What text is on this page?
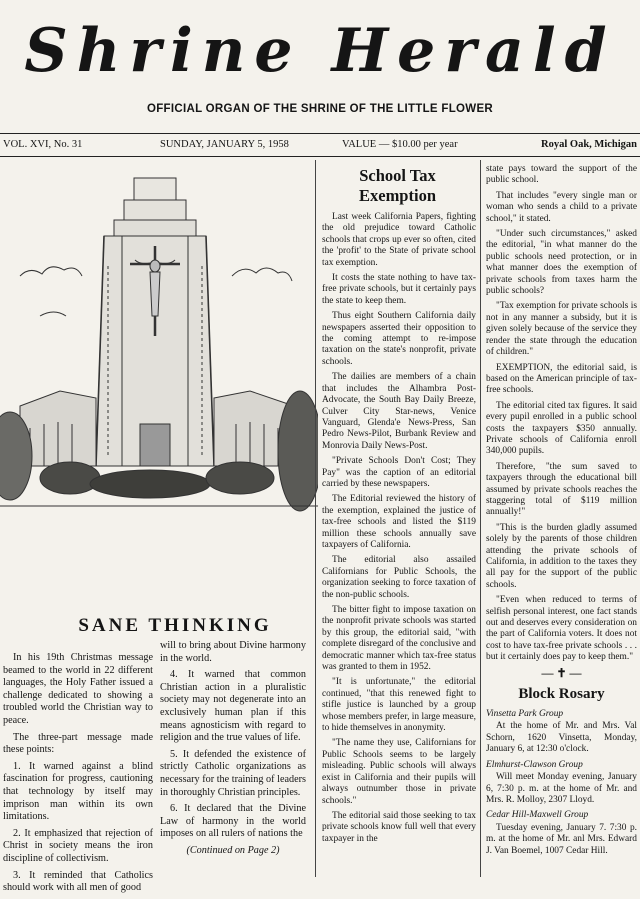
Shrine Herald
OFFICIAL ORGAN OF THE SHRINE OF THE LITTLE FLOWER
VOL. XVI, No. 31	SUNDAY, JANUARY 5, 1958	VALUE — $10.00 per year	Royal Oak, Michigan
SANE THINKING

In his 19th Christmas message beamed to the world in 22 different languages, the Holy Father issued a challenge dedicated to showing a troubled world the Christian way to peace.

The three-part message made these points:

1. It warned against a blind fascination for progress, cautioning that technology by itself may imprison man within its own limitations.

2. It emphasized that rejection of Christ in society means the iron discipline of collectivism.

3. It reminded that Catholics should work with all men of good

will to bring about Divine harmony in the world.

4. It warned that common Christian action in a pluralistic society may not degenerate into an exclusively human plan if this means agnosticism with regard to religion and the true values of life.

5. It defended the existence of strictly Catholic organizations as necessary for the training of leaders in thoroughly Christian principles.

6. It declared that the Divine Law of harmony in the world imposes on all rulers of nations the

(Continued on Page 2)

School Tax
Exemption

Last week California Papers, fighting the old prejudice toward Catholic schools that crops up ever so often, cited the 'profit' to the State of private school tax exemption.

It costs the state nothing to have tax-free private schools, but it certainly pays the state to keep them.

Thus eight Southern California daily newspapers asserted their opposition to the coming attempt to re-impose taxation on the state's nonprofit, private schools.

The dailies are members of a chain that includes the Alhambra Post-Advocate, the South Bay Daily Breeze, Culver City Star-news, Venice Vanguard, Glenda'e News-Press, San Pedro News-Pilot, Burbank Review and Monrovia Daily News-Post.

"Private Schools Don't Cost; They Pay" was the caption of an editorial carried by these newspapers.

The Editorial reviewed the history of the exemption, explained the justice of tax-free schools and listed the $119 million these schools annually save taxpayers of California.

The editorial also assailed Californians for Public Schools, the organization seeking to force taxation of the non-public schools.

The bitter fight to impose taxation on the nonprofit private schools was started by this group, the editorial said, "with complete disregard of the conclusive and democratic manner which tax-free status was granted to them in 1952.

"It is unfortunate," the editorial continued, "that this renewed fight to stifle justice is launched by a group whose members prefer, in large measure, to hide themselves in anonymity.

"The name they use, Californians for Public Schools seems to be largely misleading. Public schools will always exist in California and their pupils will always outnumber those in private schools."

The editorial said those seeking to tax private schools know full well that every taxpayer in the

state pays toward the support of the public school.

That includes "every single man or woman who sends a child to a private school," it stated.

"Under such circumstances," asked the editorial, "in what manner do the public schools need protection, or in what manner does the exemption of private schools from taxes harm the public schools?

"Tax exemption for private schools is not in any manner a subsidy, but it is given solely because of the service they render the state through the education of children."

EXEMPTION, the editorial said, is based on the American principle of tax-free schools.

The editorial cited tax figures. It said every pupil enrolled in a public school costs the taxpayers $350 annually. Private schools of California enroll 340,000 pupils.

Therefore, "the sum saved to taxpayers through the educational bill assumed by private schools reaches the staggering total of $119 million annually!"

"This is the burden gladly assumed solely by the parents of those children attending the private schools of California, in addition to the taxes they all pay for the support of the public schools.

"Even when reduced to terms of selfish personal interest, one fact stands out and deserves every consideration on the part of California voters. It does not cost to have tax-free private schools . . . but it certainly does pay to keep them."

— ✝ —
Block Rosary

Vinsetta Park Group

At the home of Mr. and Mrs. Val Schorn, 1620 Vinsetta, Monday, January 6, at 12:30 o'clock.

Elmhurst-Clawson Group

Will meet Monday evening, January 6, 7:30 p. m. at the home of Mr. and Mrs. R. Molloy, 2307 Lloyd.

Cedar Hill-Maxwell Group

Tuesday evening, January 7. 7:30 p. m. at the home of Mr. anl Mrs. Edward J. Van Boemel, 1007 Cedar Hill.
